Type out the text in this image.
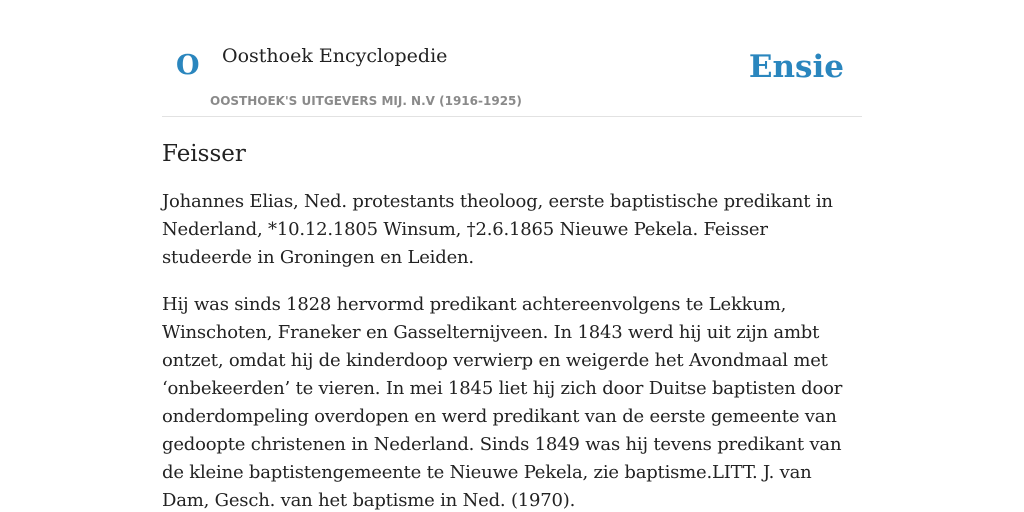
O Oosthoek Encyclopedie
OOSTHOEK'S UITGEVERS MIJ. N.V (1916-1925)
Ensie
Feisser

Johannes Elias, Ned. protestants theoloog, eerste baptistische predikant in Nederland, *10.12.1805 Winsum, †2.6.1865 Nieuwe Pekela. Feisser studeerde in Groningen en Leiden.

Hij was sinds 1828 hervormd predikant achtereenvolgens te Lekkum, Winschoten, Franeker en Gasselternijveen. In 1843 werd hij uit zijn ambt ontzet, omdat hij de kinderdoop verwierp en weigerde het Avondmaal met ‘onbekeerden’ te vieren. In mei 1845 liet hij zich door Duitse baptisten door onderdompeling overdopen en werd predikant van de eerste gemeente van gedoopte christenen in Nederland. Sinds 1849 was hij tevens predikant van de kleine baptistengemeente te Nieuwe Pekela, zie baptisme.LITT. J. van Dam, Gesch. van het baptisme in Ned. (1970).
